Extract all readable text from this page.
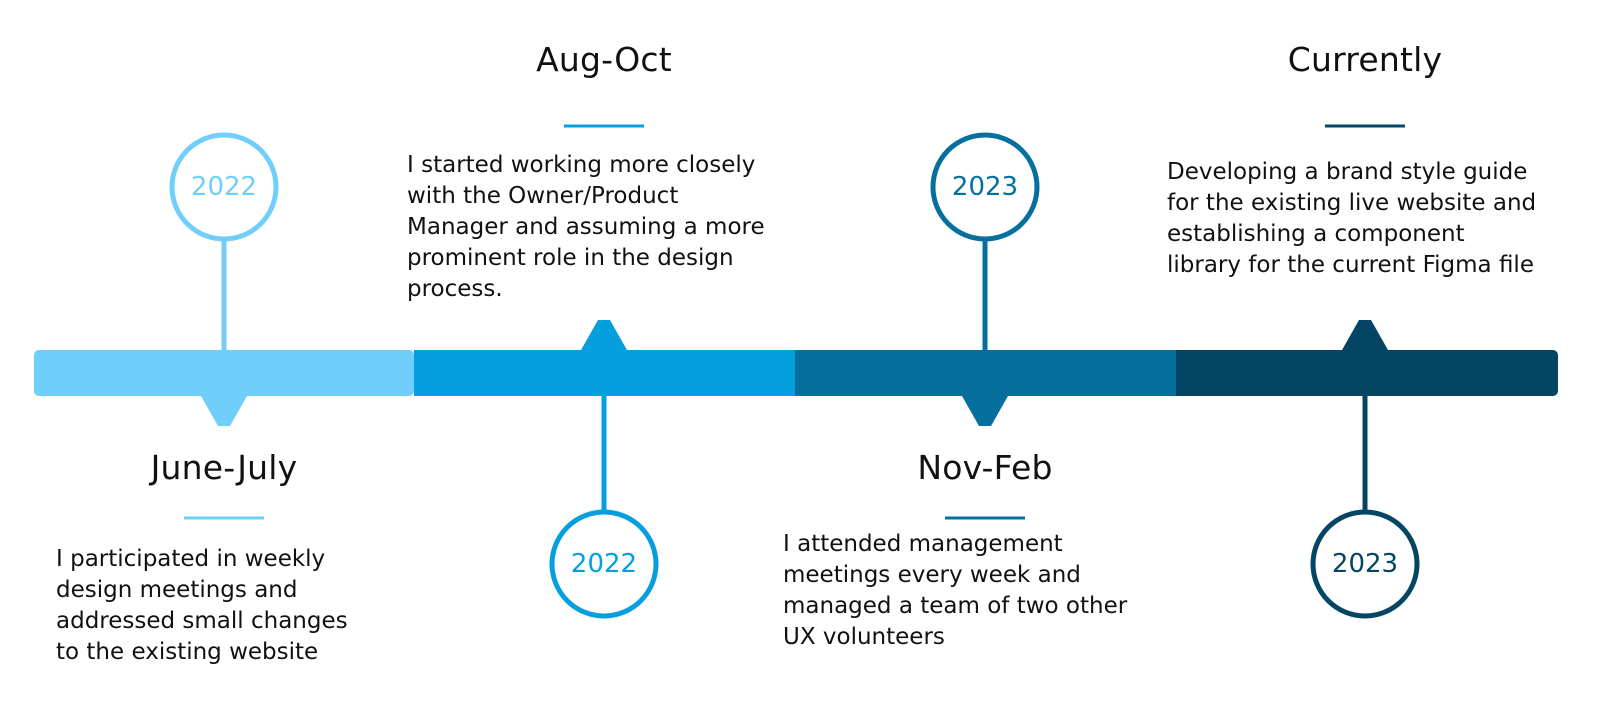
2022
2022
2023
2023
June-July
I participated in weekly
design meetings and
addressed small changes
to the existing website
Aug-Oct
I started working more closely
with the Owner/Product
Manager and assuming a more
prominent role in the design
process.
Nov-Feb
I attended management
meetings every week and
managed a team of two other
UX volunteers
Currently
Developing a brand style guide
for the existing live website and
establishing a component
library for the current Figma file
